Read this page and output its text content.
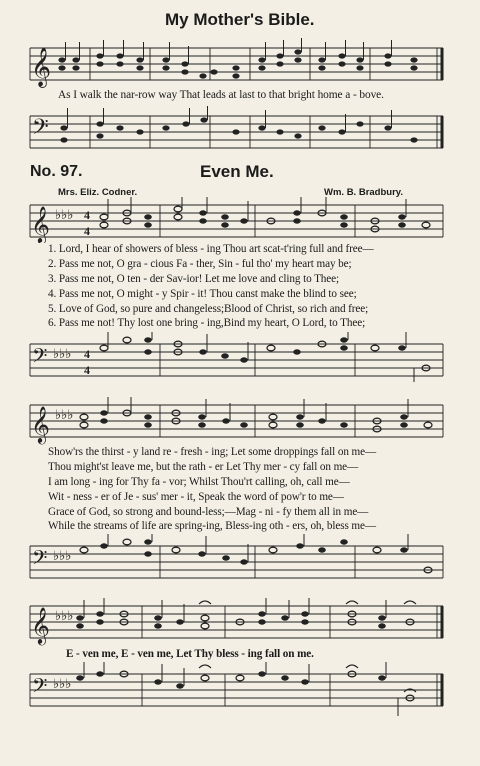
My Mother's Bible.
𝄞
As I walk the nar-row way That leads at last to that bright home a - bove.
𝄢
No. 97.	Even Me.
Mrs. Eliz. Codner.	Wm. B. Bradbury.
𝄞 ♭♭♭ 4
4
1. Lord, I hear of showers of bless - ing Thou art scat-t'ring full and free—
2. Pass me not, O gra - cious Fa - ther, Sin - ful tho' my heart may be;
3. Pass me not, O ten - der Sav-ior! Let me love and cling to Thee;
4. Pass me not, O might - y Spir - it! Thou canst make the blind to see;
5. Love of God, so pure and changeless;Blood of Christ, so rich and free;
6. Pass me not! Thy lost one bring - ing,Bind my heart, O Lord, to Thee;
𝄢 ♭♭♭ 4
4
𝄞 ♭♭♭
Show'rs the thirst - y land re - fresh - ing; Let some droppings fall on me—
Thou might'st leave me, but the rath - er Let Thy mer - cy fall on me—
I am long - ing for Thy fa - vor; Whilst Thou'rt calling, oh, call me—
Wit - ness - er of Je - sus' mer - it, Speak the word of pow'r to me—
Grace of God, so strong and bound-less;—Mag - ni - fy them all in me—
While the streams of life are spring-ing, Bless-ing oth - ers, oh, bless me—
𝄢 ♭♭♭
𝄞 ♭♭♭
E - ven me, E - ven me, Let Thy bless - ing fall on me.
𝄢 ♭♭♭
